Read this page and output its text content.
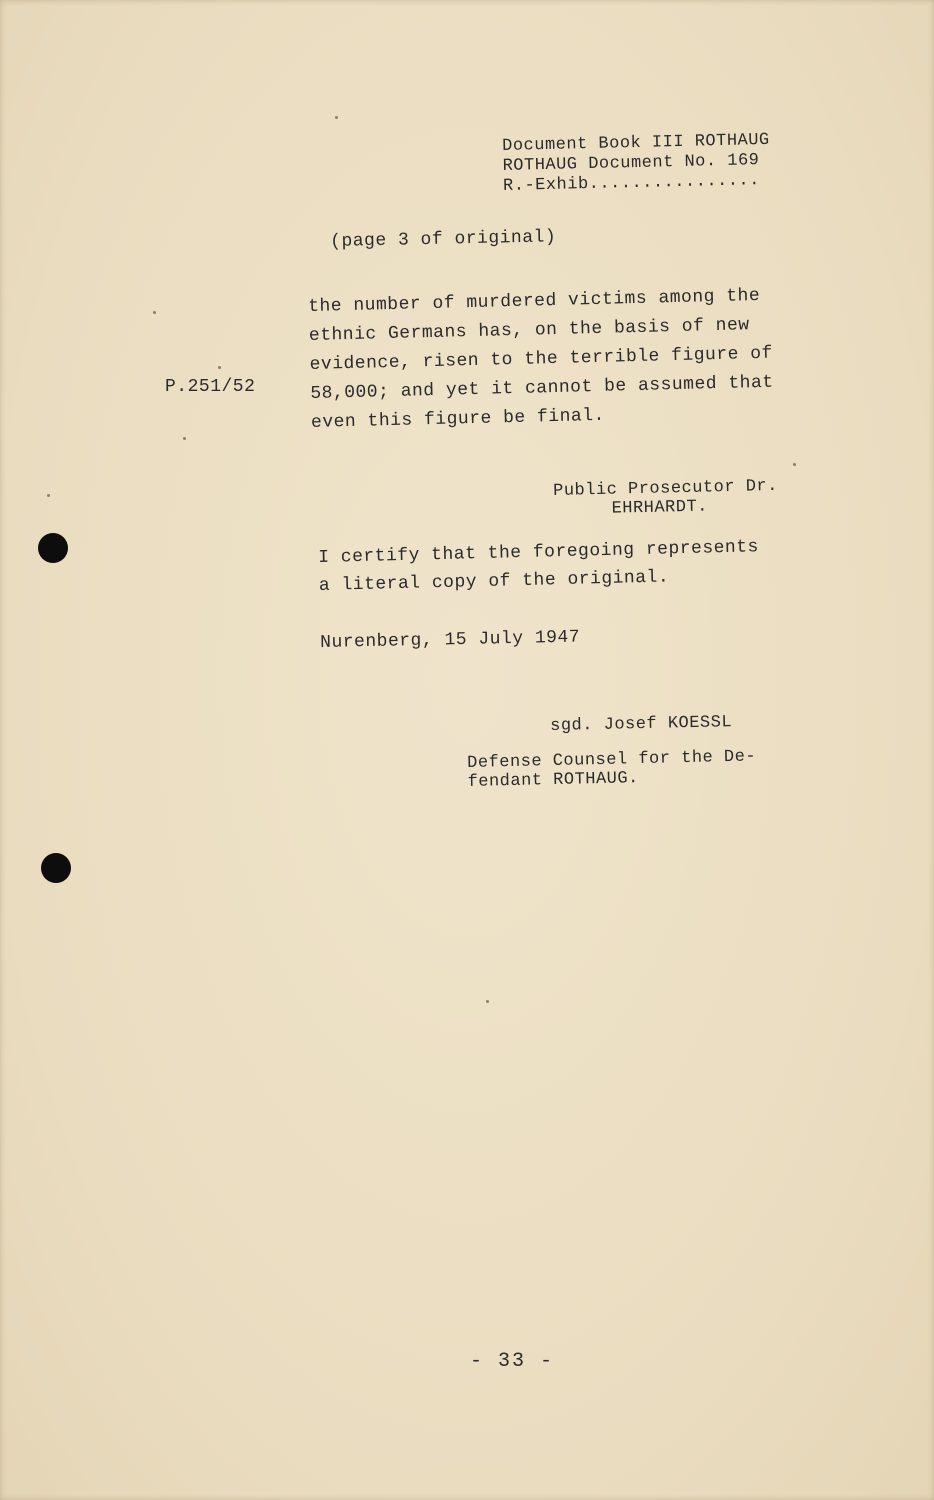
Document Book III ROTHAUG
ROTHAUG Document No. 169
R.-Exhib................
(page 3 of original)
P.251/52
the number of murdered victims among the
ethnic Germans has, on the basis of new
evidence, risen to the terrible figure of
58,000; and yet it cannot be assumed that
even this figure be final.
Public Prosecutor Dr.
EHRHARDT.
I certify that the foregoing represents
a literal copy of the original.
Nurenberg, 15 July 1947
sgd. Josef KOESSL
Defense Counsel for the De-
fendant ROTHAUG.
- 33 -
